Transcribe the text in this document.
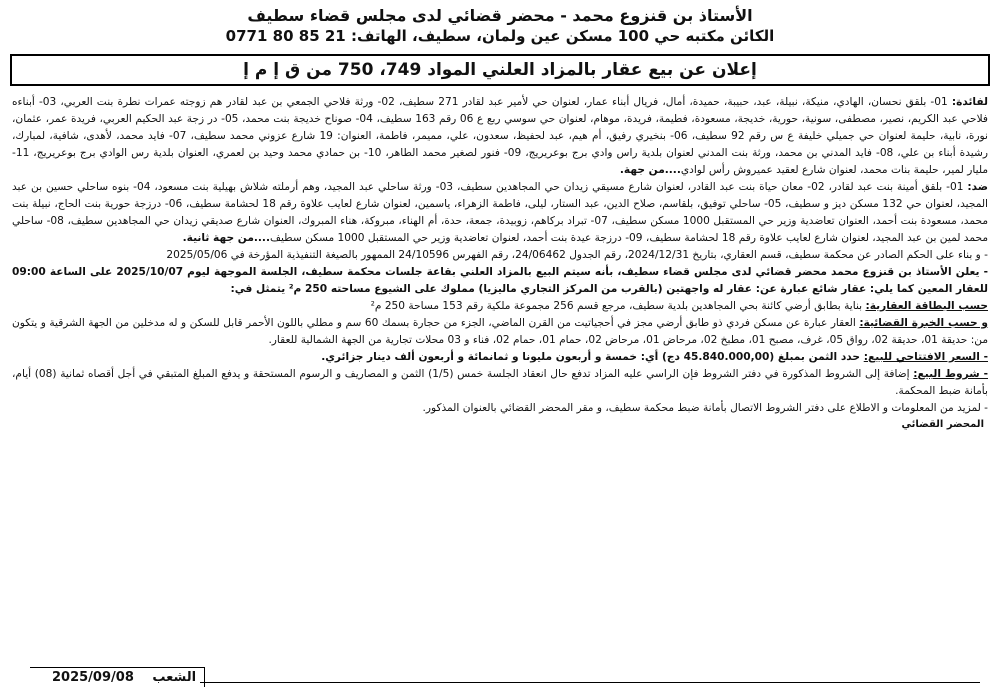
الأستاذ بن قنزوع محمد - محضر قضائي لدى مجلس قضاء سطيف
الكائن مكتبه حي 100 مسكن عين ولمان، سطيف، الهاتف: 21 85 80 0771
إعلان عن بيع عقار بالمزاد العلني المواد 749، 750 من ق إ م إ

لفائدة: 01- بلقق نحسان، الهادي، منيكة، نبيلة، عبد، حبيبة، حميدة، أمال، فريال أبناء عمار، لعنوان حي لأمير عبد لقادر 271 سطيف، 02- ورثة فلاحي الجمعي بن عبد لقادر هم زوجته عمرات نطرة بنت العربي، 03- أبناءه فلاحي عبد الكريم، نصير، مصطفى، سونية، حورية، خديجة، مسعودة، فطيمة، فريدة، موهام، لعنوان حي سوسي ربع ع 06 رقم 163 سطيف، 04- صوناح خديجة بنت محمد، 05- در زجة عبد الحكيم العربي، فريدة عمر، عثمان، نورة، نابية، حليمة لعنوان حي جميلي خليفة ع س رقم 92 سطيف، 06- بنخيري رفيق، أم هيم، عبد لحفيظ، سعدون، علي، مميمر، فاطمة، العنوان: 19 شارع عزوني محمد سطيف، 07- فايد محمد، لأهدى، شافية، لمبارك، رشيدة أبناء بن علي، 08- فايد المدني بن محمد، ورثة بنت المدني لعنوان بلدية راس وادي برج بوعريريج، 09- فنور لصغير محمد الطاهر، 10- بن حمادي محمد وحيد بن لعمري، العنوان بلدية رس الوادي برج بوعريريج، 11- مليار لمير، حليمة بنات محمد، لعنوان شارع لعقيد عميروش رأس لوادي....من جهة.

ضد: 01- بلقق أمينة بنت عبد لقادر، 02- معان حياة بنت عبد القادر، لعنوان شارع مسيقي زيدان حي المجاهدين سطيف، 03- ورثة ساحلي عبد المجيد، وهم أرملته شلاش بهيلية بنت مسعود، 04- بنوه ساحلي حسين بن عبد المجيد، لعنوان حي 132 مسكن ديز و سطيف، 05- ساحلي توفيق، بلقاسم، صلاح الدين، عبد الستار، ليلى، فاطمة الزهراء، ياسمين، لعنوان شارع لعايب علاوة رقم 18 لحشامة سطيف، 06- درزجة حورية بنت الحاج، نبيلة بنت محمد، مسعودة بنت أحمد، العنوان تعاضدية وزير حي المستقبل 1000 مسكن سطيف، 07- تبراد بركاهم، زوبيدة، جمعة، حدة، أم الهناء، مبروكة، هناء المبروك، العنوان شارع صديقي زيدان حي المجاهدين سطيف، 08- ساحلي محمد لمين بن عبد المجيد، لعنوان شارع لعايب علاوة رقم 18 لحشامة سطيف، 09- درزجة عيدة بنت أحمد، لعنوان تعاضدية وزير حي المستقبل 1000 مسكن سطيف....من جهة ثانية.

- و بناء على الحكم الصادر عن محكمة سطيف، قسم العقاري، بتاريخ 2024/12/31، رقم الجدول 24/06462، رقم الفهرس 24/10596 الممهور بالصيغة التنفيذية المؤرخة في 2025/05/06

- يعلن الأستاذ بن قنزوع محمد محضر قضائي لدى مجلس قضاء سطيف، بأنه سيتم البيع بالمزاد العلني بقاعة جلسات محكمة سطيف، الجلسة الموجهة ليوم 2025/10/07 على الساعة 09:00 للعقار المعين كما يلي: عقار شائع عبارة عن: عقار له واجهتين (بالقرب من المركز التجاري ماليزيا) مملوك على الشيوع مساحته 250 م² يتمثل في:

حسب البطاقة العقارية: بناية بطابق أرضي كائنة بحي المجاهدين بلدية سطيف، مرجع قسم 256 مجموعة ملكية رقم 153 مساحة 250 م²

و حسب الخبرة القضائية: العقار عبارة عن مسكن فردي ذو طابق أرضي مجز في أحجياتيت من القرن الماضي، الجزء من حجارة بسمك 60 سم و مطلي باللون الأحمر قابل للسكن و له مدخلين من الجهة الشرقية و يتكون من: حديقة 01، حديقة 02، رواق 05، غرف، مصبح 01، مطبخ 02، مرحاض 01، مرحاض 02، حمام 01، حمام 02، فناء و 03 محلات تجارية من الجهة الشمالية للعقار.

- السعر الافتتاحي للبيع: حدد الثمن بمبلغ (45.840.000,00 دج) أي: خمسة و أربعون مليونا و ثمانمائة و أربعون ألف دينار جزائري.

- شروط البيع: إضافة إلى الشروط المذكورة في دفتر الشروط فإن الراسي عليه المزاد تدفع حال انعقاد الجلسة خمس (1/5) الثمن و المصاريف و الرسوم المستحقة و يدفع المبلغ المتبقي في أجل أقصاه ثمانية (08) أيام، بأمانة ضبط المحكمة.

- لمزيد من المعلومات و الاطلاع على دفتر الشروط الاتصال بأمانة ضبط محكمة سطيف، و مقر المحضر القضائي بالعنوان المذكور.

المحضر القضائي
الشعب 2025/09/08
